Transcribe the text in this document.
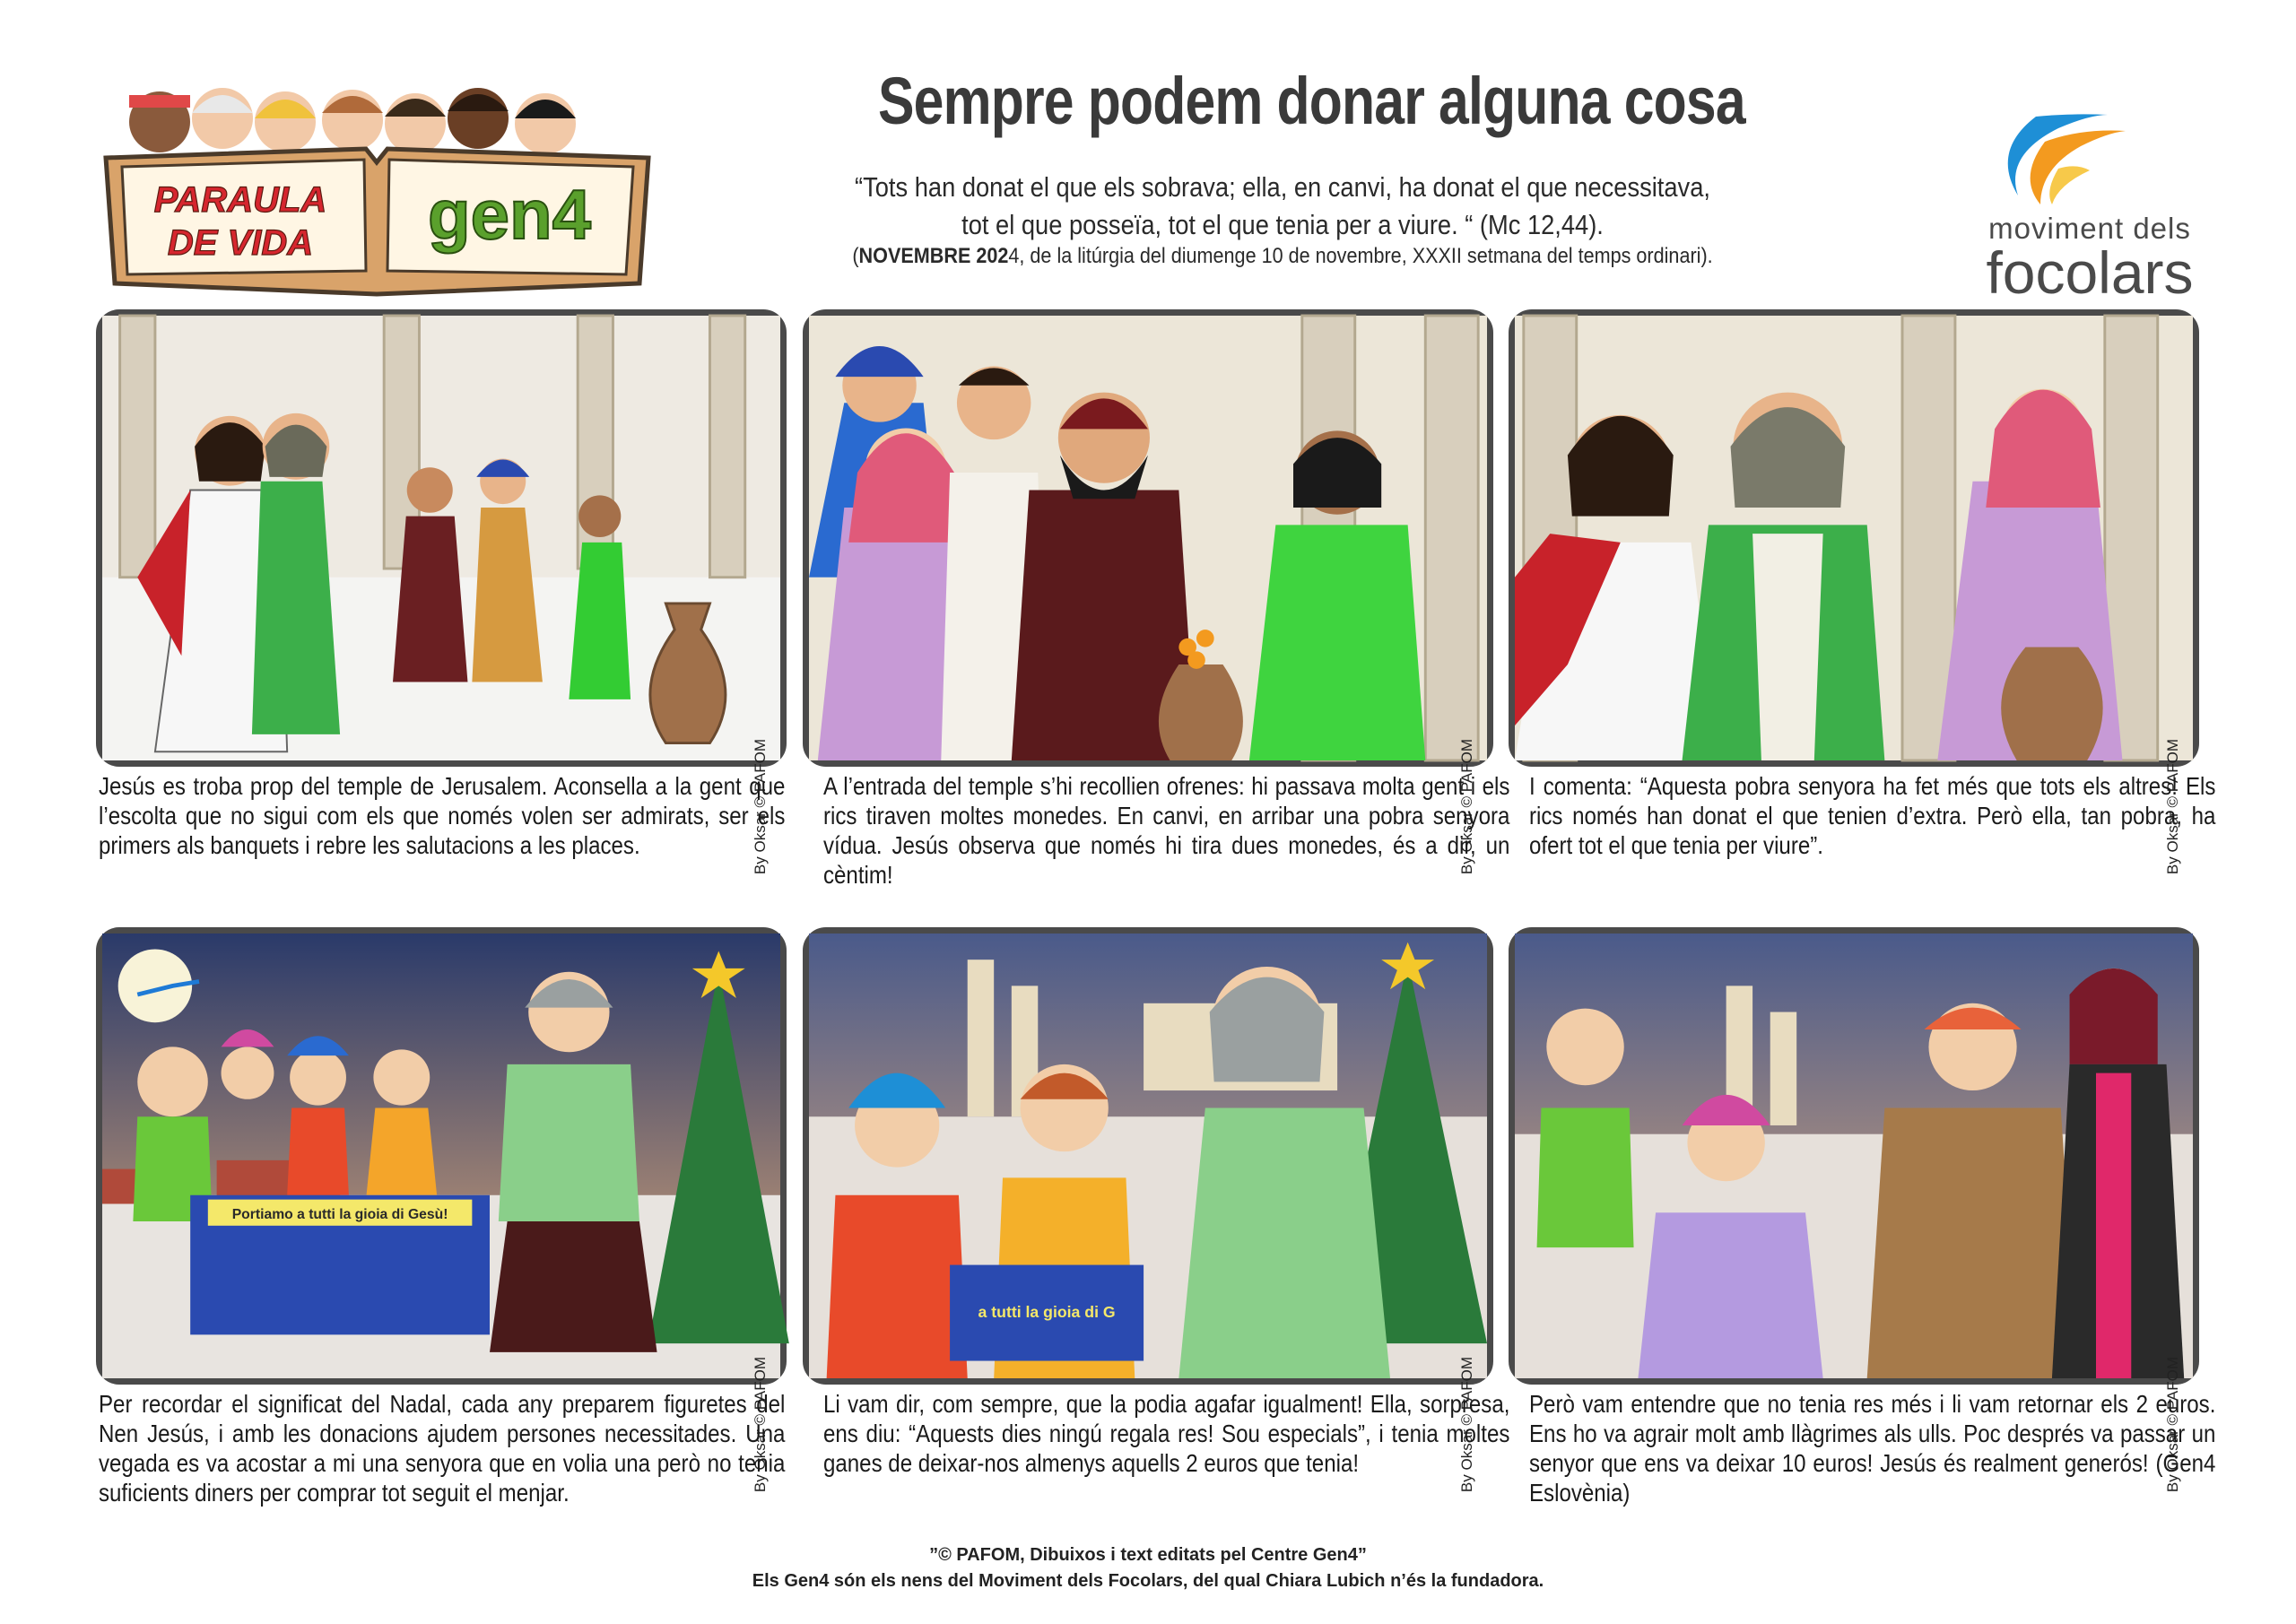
PARAULA
DE VIDA gen4
Sempre podem donar alguna cosa
“Tots han donat el que els sobrava; ella, en canvi, ha donat el que necessitava,
tot el que posseïa, tot el que tenia per a viure. “ (Mc 12,44).
(NOVEMBRE 2024, de la litúrgia del diumenge 10 de novembre, XXXII setmana del temps ordinari).
moviment dels
focolars
By Oksar © PAFOM
Jesús es troba prop del temple de Jerusalem. Aconsella a la gent que l’escolta que no sigui com els que només volen ser admirats, ser els primers als banquets i rebre les salutacions a les places.	By Oksar © PAFOM
A l’entrada del temple s’hi recollien ofrenes: hi passava molta gent i els rics tiraven moltes monedes. En canvi, en arribar una pobra senyora vídua. Jesús observa que només hi tira dues monedes, és a dir, un cèntim!
By Oksar © PAFOM
I comenta: “Aquesta pobra senyora ha fet més que tots els altres! Els rics només han donat el que tenien d’extra. Però ella, tan pobra, ha ofert tot el que tenia per viure”.
Portiamo a tutti la gioia di Gesù!
By Oksar © PAFOM
Per recordar el significat del Nadal, cada any preparem figuretes del Nen Jesús, i amb les donacions ajudem persones necessitades. Una vegada es va acostar a mi una senyora que en volia una però no tenia suficients diners per comprar tot seguit el menjar.
a tutti la gioia di G
By Oksar © PAFOM
Li vam dir, com sempre, que la podia agafar igualment! Ella, sorpresa, ens diu: “Aquests dies ningú regala res! Sou especials”, i tenia moltes ganes de deixar-nos almenys aquells 2 euros que tenia!	By Oksar © PAFOM
Però vam entendre que no tenia res més i li vam retornar els 2 euros. Ens ho va agrair molt amb llàgrimes als ulls. Poc després va passar un senyor que ens va deixar 10 euros! Jesús és realment generós! (Gen4 Eslovènia)
”© PAFOM, Dibuixos i text editats pel Centre Gen4”
Els Gen4 són els nens del Moviment dels Focolars, del qual Chiara Lubich n’és la fundadora.
